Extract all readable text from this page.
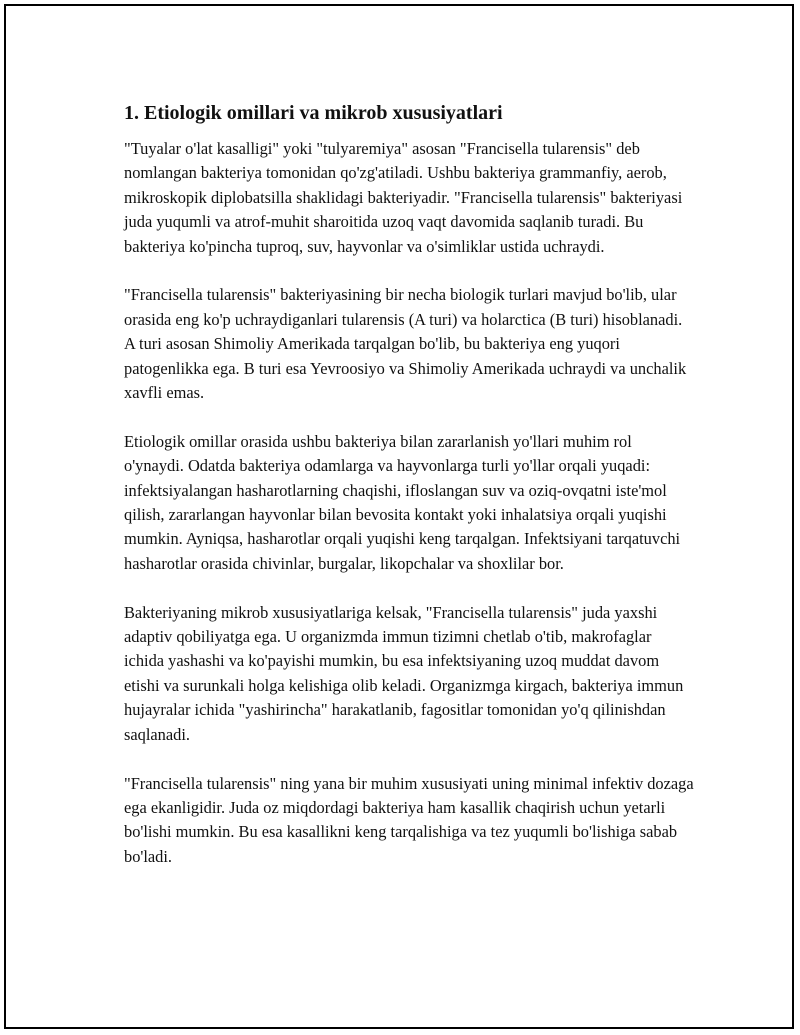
1. Etiologik omillari va mikrob xususiyatlari

"Tuyalar o'lat kasalligi" yoki "tulyaremiya" asosan "Francisella tularensis" deb nomlangan bakteriya tomonidan qo'zg'atiladi. Ushbu bakteriya grammanfiy, aerob, mikroskopik diplobatsilla shaklidagi bakteriyadir. "Francisella tularensis" bakteriyasi juda yuqumli va atrof-muhit sharoitida uzoq vaqt davomida saqlanib turadi. Bu bakteriya ko'pincha tuproq, suv, hayvonlar va o'simliklar ustida uchraydi.

"Francisella tularensis" bakteriyasining bir necha biologik turlari mavjud bo'lib, ular orasida eng ko'p uchraydiganlari tularensis (A turi) va holarctica (B turi) hisoblanadi. A turi asosan Shimoliy Amerikada tarqalgan bo'lib, bu bakteriya eng yuqori patogenlikka ega. B turi esa Yevroosiyo va Shimoliy Amerikada uchraydi va unchalik xavfli emas.

Etiologik omillar orasida ushbu bakteriya bilan zararlanish yo'llari muhim rol o'ynaydi. Odatda bakteriya odamlarga va hayvonlarga turli yo'llar orqali yuqadi: infektsiyalangan hasharotlarning chaqishi, ifloslangan suv va oziq-ovqatni iste'mol qilish, zararlangan hayvonlar bilan bevosita kontakt yoki inhalatsiya orqali yuqishi mumkin. Ayniqsa, hasharotlar orqali yuqishi keng tarqalgan. Infektsiyani tarqatuvchi hasharotlar orasida chivinlar, burgalar, likopchalar va shoxlilar bor.

Bakteriyaning mikrob xususiyatlariga kelsak, "Francisella tularensis" juda yaxshi adaptiv qobiliyatga ega. U organizmda immun tizimni chetlab o'tib, makrofaglar ichida yashashi va ko'payishi mumkin, bu esa infektsiyaning uzoq muddat davom etishi va surunkali holga kelishiga olib keladi. Organizmga kirgach, bakteriya immun hujayralar ichida "yashirincha" harakatlanib, fagositlar tomonidan yo'q qilinishdan saqlanadi.

"Francisella tularensis" ning yana bir muhim xususiyati uning minimal infektiv dozaga ega ekanligidir. Juda oz miqdordagi bakteriya ham kasallik chaqirish uchun yetarli bo'lishi mumkin. Bu esa kasallikni keng tarqalishiga va tez yuqumli bo'lishiga sabab bo'ladi.
